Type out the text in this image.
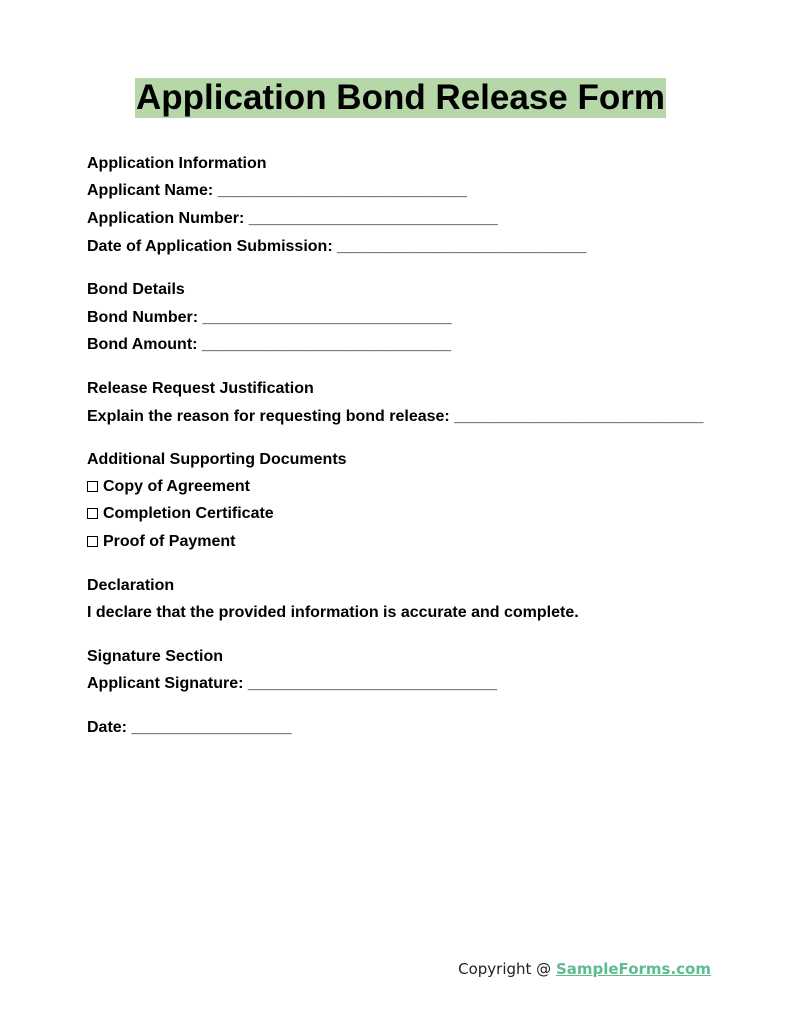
Application Bond Release Form

Application Information

Applicant Name: ____________________________

Application Number: ____________________________

Date of Application Submission: ____________________________

Bond Details

Bond Number: ____________________________

Bond Amount: ____________________________

Release Request Justification

Explain the reason for requesting bond release: ____________________________

Additional Supporting Documents

Copy of Agreement

Completion Certificate

Proof of Payment

Declaration

I declare that the provided information is accurate and complete.

Signature Section

Applicant Signature: ____________________________

Date: __________________

Copyright @ SampleForms.com
